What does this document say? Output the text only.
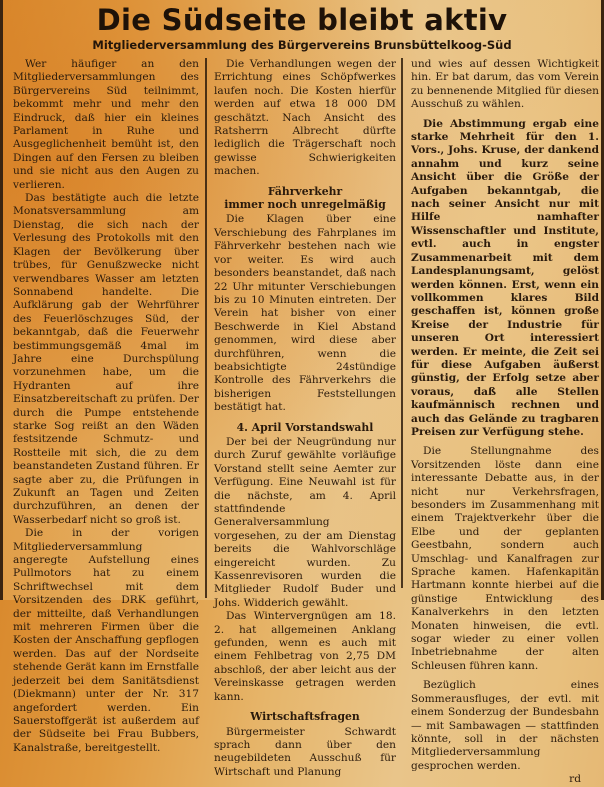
Die Südseite bleibt aktiv
Mitgliederversammlung des Bürgervereins Brunsbüttelkoog-Süd

Wer häufiger an den Mitgliederversammlungen des Bürgervereins Süd teilnimmt, bekommt mehr und mehr den Eindruck, daß hier ein kleines Parlament in Ruhe und Ausgeglichenheit bemüht ist, den Dingen auf den Fersen zu bleiben und sie nicht aus den Augen zu verlieren.

Das bestätigte auch die letzte Monatsversammlung am Dienstag, die sich nach der Verlesung des Protokolls mit den Klagen der Bevölkerung über trübes, für Genußzwecke nicht verwendbares Wasser am letzten Sonnabend handelte. Die Aufklärung gab der Wehrführer des Feuerlöschzuges Süd, der bekanntgab, daß die Feuerwehr bestimmungsgemäß 4mal im Jahre eine Durchspülung vorzunehmen habe, um die Hydranten auf ihre Einsatzbereitschaft zu prüfen. Der durch die Pumpe entstehende starke Sog reißt an den Wäden festsitzende Schmutz- und Rostteile mit sich, die zu dem beanstandeten Zustand führen. Er sagte aber zu, die Prüfungen in Zukunft an Tagen und Zeiten durchzuführen, an denen der Wasserbedarf nicht so groß ist.

Die in der vorigen Mitgliederversammlung angeregte Aufstellung eines Pullmotors hat zu einem Schriftwechsel mit dem Vorsitzenden des DRK geführt, der mitteilte, daß Verhandlungen mit mehreren Firmen über die Kosten der Anschaffung gepflogen werden. Das auf der Nordseite stehende Gerät kann im Ernstfalle jederzeit bei dem Sanitätsdienst (Diekmann) unter der Nr. 317 angefordert werden. Ein Sauerstoffgerät ist außerdem auf der Südseite bei Frau Bubbers, Kanalstraße, bereitgestellt.

Die Verhandlungen wegen der Errichtung eines Schöpfwerkes laufen noch. Die Kosten hierfür werden auf etwa 18 000 DM geschätzt. Nach Ansicht des Ratsherrn Albrecht dürfte lediglich die Trägerschaft noch gewisse Schwierigkeiten machen.

Fährverkehr
immer noch unregelmäßig

Die Klagen über eine Verschiebung des Fahrplanes im Fährverkehr bestehen nach wie vor weiter. Es wird auch besonders beanstandet, daß nach 22 Uhr mitunter Verschiebungen bis zu 10 Minuten eintreten. Der Verein hat bisher von einer Beschwerde in Kiel Abstand genommen, wird diese aber durchführen, wenn die beabsichtigte 24stündige Kontrolle des Fährverkehrs die bisherigen Feststellungen bestätigt hat.

4. April Vorstandswahl

Der bei der Neugründung nur durch Zuruf gewählte vorläufige Vorstand stellt seine Aemter zur Verfügung. Eine Neuwahl ist für die nächste, am 4. April stattfindende Generalversammlung vorgesehen, zu der am Dienstag bereits die Wahlvorschläge eingereicht wurden. Zu Kassenrevisoren wurden die Mitglieder Rudolf Buder und Johs. Widderich gewählt.

Das Wintervergnügen am 18. 2. hat allgemeinen Anklang gefunden, wenn es auch mit einem Fehlbetrag von 2,75 DM abschloß, der aber leicht aus der Vereinskasse getragen werden kann.

Wirtschaftsfragen

Bürgermeister Schwardt sprach dann über den neugebildeten Ausschuß für Wirtschaft und Planung

und wies auf dessen Wichtigkeit hin. Er bat darum, das vom Verein zu bennenende Mitglied für diesen Ausschuß zu wählen.

Die Abstimmung ergab eine starke Mehrheit für den 1. Vors., Johs. Kruse, der dankend annahm und kurz seine Ansicht über die Größe der Aufgaben bekanntgab, die nach seiner Ansicht nur mit Hilfe namhafter Wissenschaftler und Institute, evtl. auch in engster Zusammenarbeit mit dem Landesplanungsamt, gelöst werden können. Erst, wenn ein vollkommen klares Bild geschaffen ist, können große Kreise der Industrie für unseren Ort interessiert werden. Er meinte, die Zeit sei für diese Aufgaben äußerst günstig, der Erfolg setze aber voraus, daß alle Stellen kaufmännisch rechnen und auch das Gelände zu tragbaren Preisen zur Verfügung stehe.

Die Stellungnahme des Vorsitzenden löste dann eine interessante Debatte aus, in der nicht nur Verkehrsfragen, besonders im Zusammenhang mit einem Trajektverkehr über die Elbe und der geplanten Geestbahn, sondern auch Umschlag- und Kanalfragen zur Sprache kamen. Hafenkapitän Hartmann konnte hierbei auf die günstige Entwicklung des Kanalverkehrs in den letzten Monaten hinweisen, die evtl. sogar wieder zu einer vollen Inbetriebnahme der alten Schleusen führen kann.

Bezüglich eines Sommerausfluges, der evtl. mit einem Sonderzug der Bundesbahn — mit Sambawagen — stattfinden könnte, soll in der nächsten Mitgliederversammlung gesprochen werden.

rd
